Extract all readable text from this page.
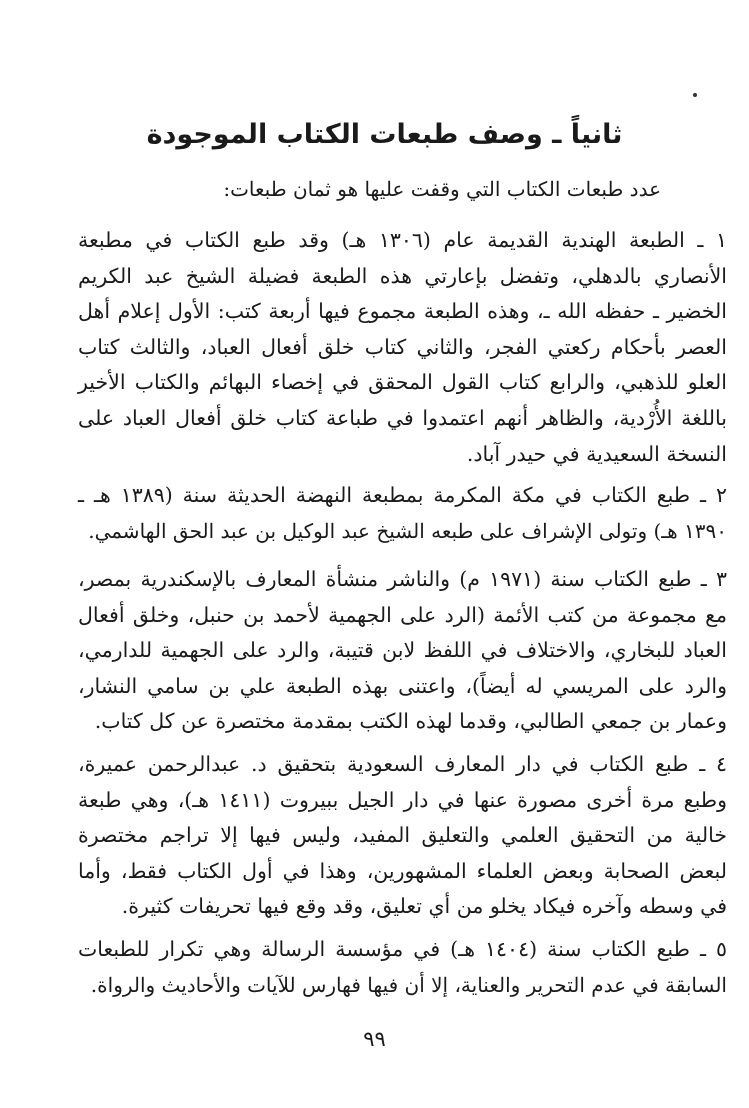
ثانياً ـ وصف طبعات الكتاب الموجودة
عدد طبعات الكتاب التي وقفت عليها هو ثمان طبعات:
١ ـ الطبعة الهندية القديمة عام (١٣٠٦ هـ) وقد طبع الكتاب في مطبعة
الأنصاري بالدهلي، وتفضل بإعارتي هذه الطبعة فضيلة الشيخ عبد الكريم
الخضير ـ حفظه الله ـ، وهذه الطبعة مجموع فيها أربعة كتب: الأول إعلام أهل
العصر بأحكام ركعتي الفجر، والثاني كتاب خلق أفعال العباد، والثالث كتاب
العلو للذهبي، والرابع كتاب القول المحقق في إخصاء البهائم والكتاب الأخير
باللغة الأُرْدية، والظاهر أنهم اعتمدوا في طباعة كتاب خلق أفعال العباد على
النسخة السعيدية في حيدر آباد.
٢ ـ طبع الكتاب في مكة المكرمة بمطبعة النهضة الحديثة سنة (١٣٨٩ هـ ـ
١٣٩٠ هـ) وتولى الإشراف على طبعه الشيخ عبد الوكيل بن عبد الحق الهاشمي.
٣ ـ طبع الكتاب سنة (١٩٧١ م) والناشر منشأة المعارف بالإسكندرية بمصر،
مع مجموعة من كتب الأئمة (الرد على الجهمية لأحمد بن حنبل، وخلق أفعال
العباد للبخاري، والاختلاف في اللفظ لابن قتيبة، والرد على الجهمية للدارمي،
والرد على المريسي له أيضاً)، واعتنى بهذه الطبعة علي بن سامي النشار،
وعمار بن جمعي الطالبي، وقدما لهذه الكتب بمقدمة مختصرة عن كل كتاب.
٤ ـ طبع الكتاب في دار المعارف السعودية بتحقيق د. عبدالرحمن عميرة،
وطبع مرة أخرى مصورة عنها في دار الجيل ببيروت (١٤١١ هـ)، وهي طبعة
خالية من التحقيق العلمي والتعليق المفيد، وليس فيها إلا تراجم مختصرة
لبعض الصحابة وبعض العلماء المشهورين، وهذا في أول الكتاب فقط، وأما
في وسطه وآخره فيكاد يخلو من أي تعليق، وقد وقع فيها تحريفات كثيرة.
٥ ـ طبع الكتاب سنة (١٤٠٤ هـ) في مؤسسة الرسالة وهي تكرار للطبعات
السابقة في عدم التحرير والعناية، إلا أن فيها فهارس للآيات والأحاديث والرواة.
٩٩
